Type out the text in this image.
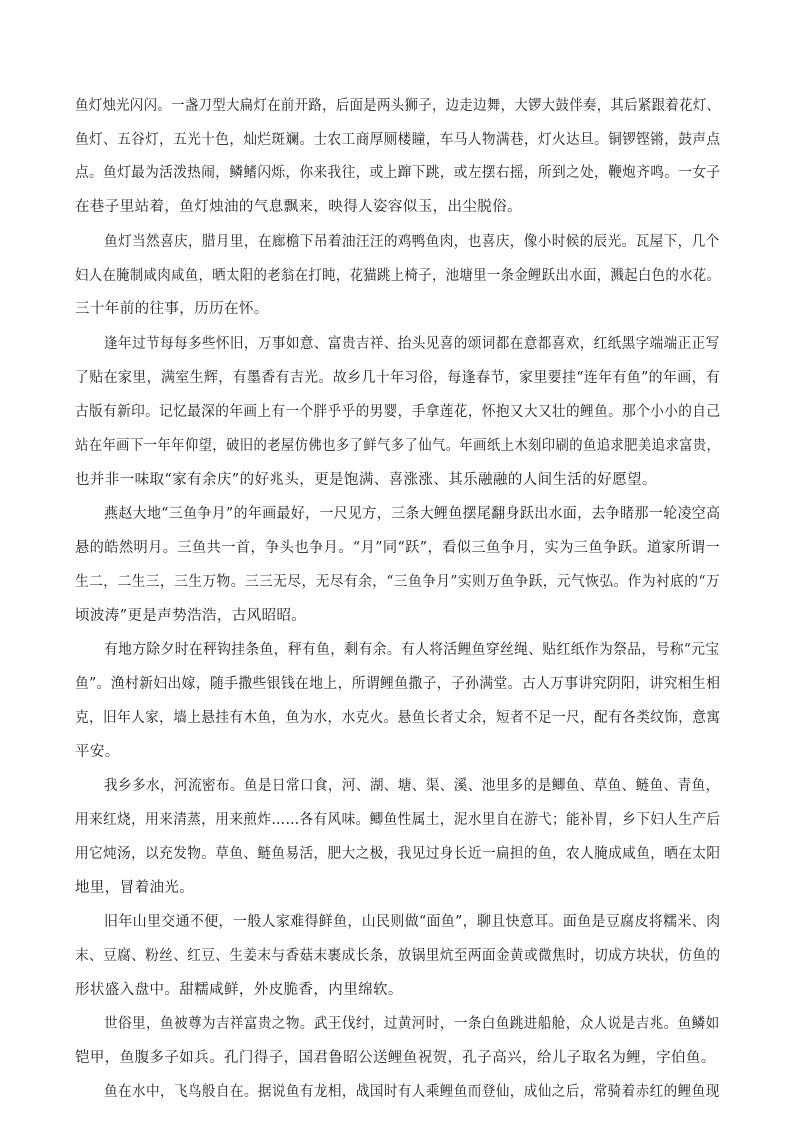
鱼灯烛光闪闪。一盏刀型大扁灯在前开路，后面是两头狮子，边走边舞，大锣大鼓伴奏，其后紧跟着花灯、
鱼灯、五谷灯，五光十色，灿烂斑斓。士农工商厚厕楼瞳，车马人物满巷，灯火达旦。铜锣铿锵，鼓声点
点。鱼灯最为活泼热闹，鳞鳍闪烁，你来我往，或上蹿下跳，或左摆右摇，所到之处，鞭炮齐鸣。一女子
在巷子里站着，鱼灯烛油的气息飘来，映得人姿容似玉，出尘脱俗。
鱼灯当然喜庆，腊月里，在廊檐下吊着油汪汪的鸡鸭鱼肉，也喜庆，像小时候的辰光。瓦屋下，几个
妇人在腌制咸肉咸鱼，晒太阳的老翁在打盹，花猫跳上椅子，池塘里一条金鲤跃出水面，溅起白色的水花。
三十年前的往事，历历在怀。
逢年过节每每多些怀旧，万事如意、富贵吉祥、抬头见喜的颂词都在意都喜欢，红纸黑字端端正正写
了贴在家里，满室生辉，有墨香有吉光。故乡几十年习俗，每逢春节，家里要挂“连年有鱼”的年画，有
古版有新印。记忆最深的年画上有一个胖乎乎的男婴，手拿莲花，怀抱又大又壮的鲤鱼。那个小小的自己
站在年画下一年年仰望，破旧的老屋仿佛也多了鲜气多了仙气。年画纸上木刻印刷的鱼追求肥美追求富贵，
也并非一味取“家有余庆”的好兆头，更是饱满、喜涨涨、其乐融融的人间生活的好愿望。
燕赵大地“三鱼争月”的年画最好，一尺见方，三条大鲤鱼摆尾翻身跃出水面，去争睹那一轮凌空高
悬的皓然明月。三鱼共一首，争头也争月。“月”同“跃”，看似三鱼争月，实为三鱼争跃。道家所谓一
生二，二生三，三生万物。三三无尽，无尽有余，“三鱼争月”实则万鱼争跃，元气恢弘。作为衬底的“万
顷波涛”更是声势浩浩，古风昭昭。
有地方除夕时在秤钩挂条鱼，秤有鱼，剩有余。有人将活鲤鱼穿丝绳、贴红纸作为祭品，号称“元宝
鱼”。渔村新妇出嫁，随手撒些银钱在地上，所谓鲤鱼撒子，子孙满堂。古人万事讲究阴阳，讲究相生相
克，旧年人家，墙上悬挂有木鱼，鱼为水，水克火。悬鱼长者丈余，短者不足一尺，配有各类纹饰，意寓
平安。
我乡多水，河流密布。鱼是日常口食，河、湖、塘、渠、溪、池里多的是鲫鱼、草鱼、鲢鱼、青鱼，
用来红烧，用来清蒸，用来煎炸……各有风味。鲫鱼性属土，泥水里自在游弋；能补胃，乡下妇人生产后
用它炖汤，以充发物。草鱼、鲢鱼易活，肥大之极，我见过身长近一扁担的鱼，农人腌成咸鱼，晒在太阳
地里，冒着油光。
旧年山里交通不便，一般人家难得鲜鱼，山民则做“面鱼”，聊且快意耳。面鱼是豆腐皮将糯米、肉
末、豆腐、粉丝、红豆、生姜末与香菇末裹成长条，放锅里炕至两面金黄或微焦时，切成方块状，仿鱼的
形状盛入盘中。甜糯咸鲜，外皮脆香，内里绵软。
世俗里，鱼被尊为吉祥富贵之物。武王伐纣，过黄河时，一条白鱼跳进船舱，众人说是吉兆。鱼鳞如
铠甲，鱼腹多子如兵。孔门得子，国君鲁昭公送鲤鱼祝贺，孔子高兴，给儿子取名为鲤，字伯鱼。
鱼在水中，飞鸟般自在。据说鱼有龙相，战国时有人乘鲤鱼而登仙，成仙之后，常骑着赤红的鲤鱼现
